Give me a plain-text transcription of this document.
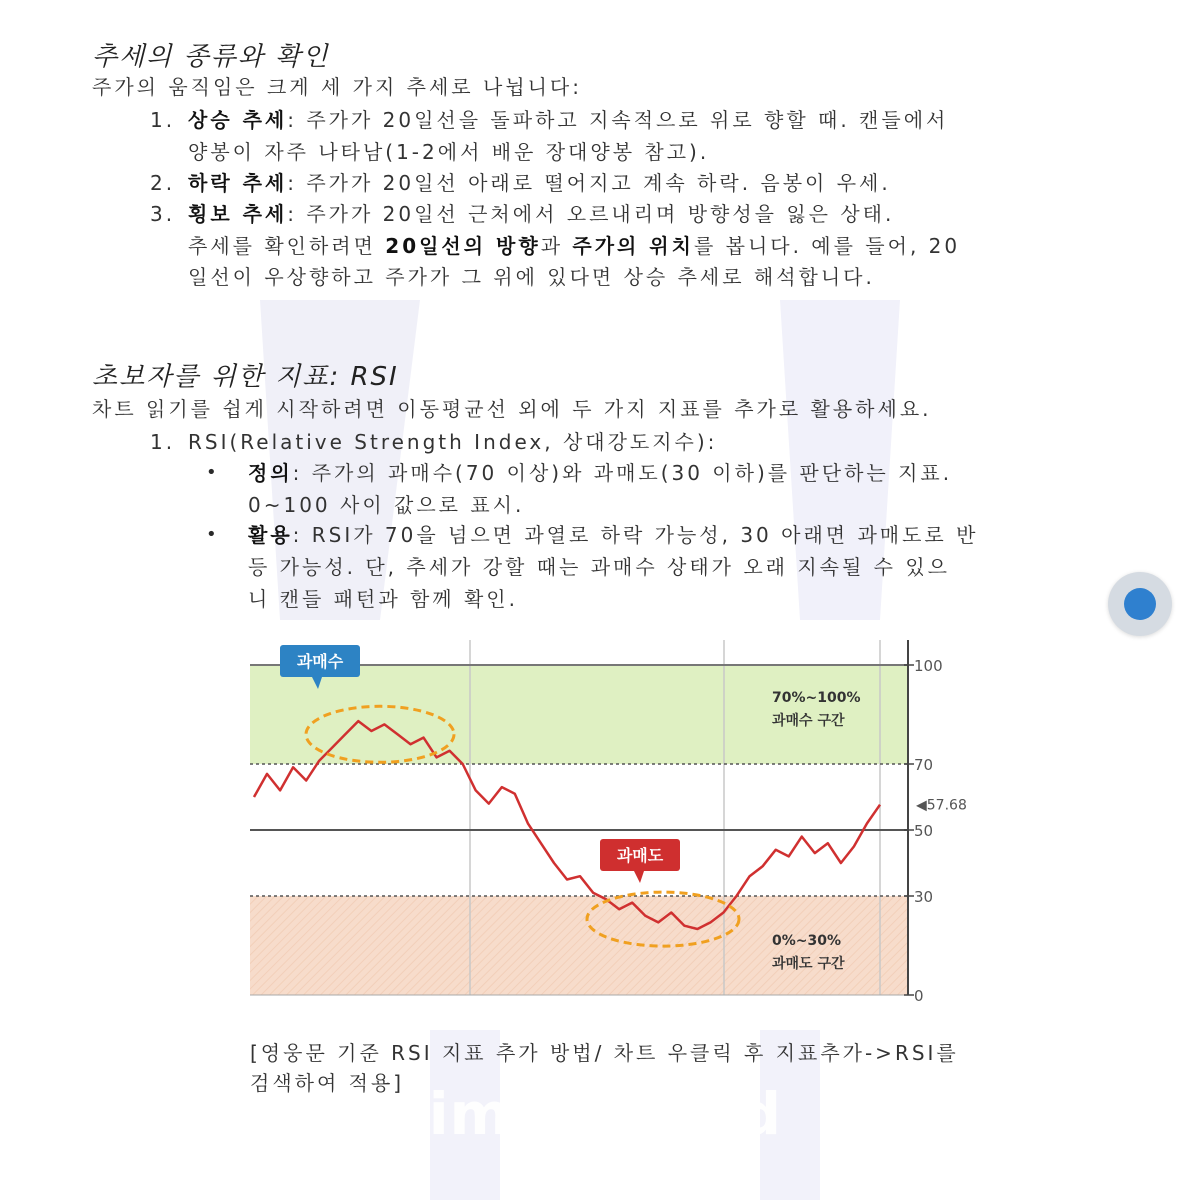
추세의 종류와 확인
주가의 움직임은 크게 세 가지 추세로 나뉩니다:
1. 상승 추세: 주가가 20일선을 돌파하고 지속적으로 위로 향할 때. 캔들에서
양봉이 자주 나타남(1-2에서 배운 장대양봉 참고).
2. 하락 추세: 주가가 20일선 아래로 떨어지고 계속 하락. 음봉이 우세.
3. 횡보 추세: 주가가 20일선 근처에서 오르내리며 방향성을 잃은 상태.
추세를 확인하려면 20일선의 방향과 주가의 위치를 봅니다. 예를 들어, 20
일선이 우상향하고 주가가 그 위에 있다면 상승 추세로 해석합니다.
초보자를 위한 지표: RSI
차트 읽기를 쉽게 시작하려면 이동평균선 외에 두 가지 지표를 추가로 활용하세요.
1. RSI(Relative Strength Index, 상대강도지수):
• 정의: 주가의 과매수(70 이상)와 과매도(30 이하)를 판단하는 지표.
0~100 사이 값으로 표시.
• 활용: RSI가 70을 넘으면 과열로 하락 가능성, 30 아래면 과매도로 반
등 가능성. 단, 추세가 강할 때는 과매수 상태가 오래 지속될 수 있으
니 캔들 패턴과 함께 확인.
100
70
50
30
0
◀57.68
과매수
과매도
70%~100%
과매수 구간
0%~30%
과매도 구간
[영웅문 기준 RSI 지표 추가 방법/ 차트 우클릭 후 지표추가->RSI를
검색하여 적용]
timespread
